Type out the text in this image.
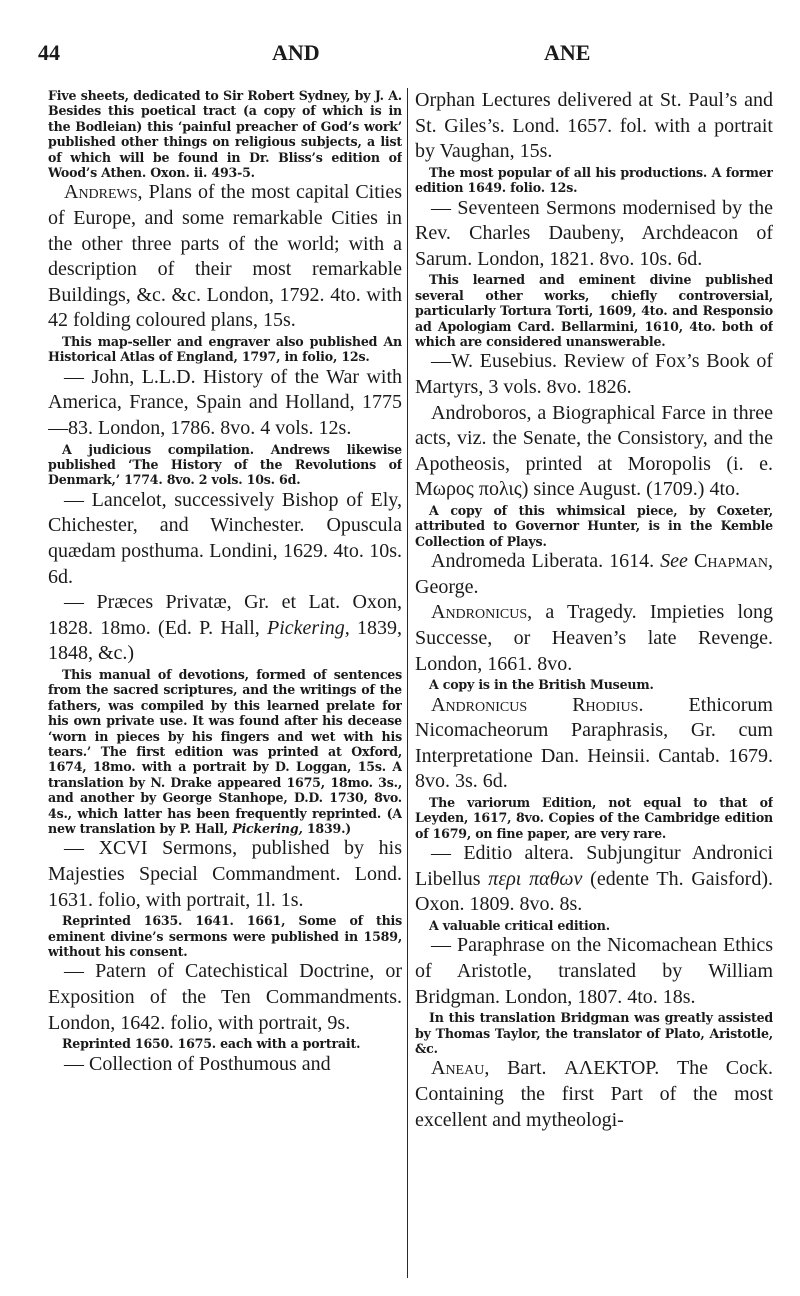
44	AND	ANE

Five sheets, dedicated to Sir Robert Sydney, by J. A. Besides this poetical tract (a copy of which is in the Bodleian) this ‘painful preacher of God’s work’ published other things on religious subjects, a list of which will be found in Dr. Bliss’s edition of Wood’s Athen. Oxon. ii. 493-5.

Andrews, Plans of the most capital Cities of Europe, and some remarkable Cities in the other three parts of the world; with a description of their most remarkable Buildings, &c. &c. London, 1792. 4to. with 42 folding coloured plans, 15s.

This map-seller and engraver also published An Historical Atlas of England, 1797, in folio, 12s.

— John, L.L.D. History of the War with America, France, Spain and Holland, 1775—83. London, 1786. 8vo. 4 vols. 12s.

A judicious compilation. Andrews likewise published ‘The History of the Revolutions of Denmark,’ 1774. 8vo. 2 vols. 10s. 6d.

— Lancelot, successively Bishop of Ely, Chichester, and Winchester. Opuscula quædam posthuma. Londini, 1629. 4to. 10s. 6d.

— Præces Privatæ, Gr. et Lat. Oxon, 1828. 18mo. (Ed. P. Hall, Pickering, 1839, 1848, &c.)

This manual of devotions, formed of sentences from the sacred scriptures, and the writings of the fathers, was compiled by this learned prelate for his own private use. It was found after his decease ‘worn in pieces by his fingers and wet with his tears.’ The first edition was printed at Oxford, 1674, 18mo. with a portrait by D. Loggan, 15s. A translation by N. Drake appeared 1675, 18mo. 3s., and another by George Stanhope, D.D. 1730, 8vo. 4s., which latter has been frequently reprinted. (A new translation by P. Hall, Pickering, 1839.)

— XCVI Sermons, published by his Majesties Special Commandment. Lond. 1631. folio, with portrait, 1l. 1s.

Reprinted 1635. 1641. 1661, Some of this eminent divine’s sermons were published in 1589, without his consent.

— Patern of Catechistical Doctrine, or Exposition of the Ten Commandments. London, 1642. folio, with portrait, 9s.

Reprinted 1650. 1675. each with a portrait.

— Collection of Posthumous and

Orphan Lectures delivered at St. Paul’s and St. Giles’s. Lond. 1657. fol. with a portrait by Vaughan, 15s.

The most popular of all his productions. A former edition 1649. folio. 12s.

— Seventeen Sermons modernised by the Rev. Charles Daubeny, Archdeacon of Sarum. London, 1821. 8vo. 10s. 6d.

This learned and eminent divine published several other works, chiefly controversial, particularly Tortura Torti, 1609, 4to. and Responsio ad Apologiam Card. Bellarmini, 1610, 4to. both of which are considered unanswerable.

—W. Eusebius. Review of Fox’s Book of Martyrs, 3 vols. 8vo. 1826.

Androboros, a Biographical Farce in three acts, viz. the Senate, the Consistory, and the Apotheosis, printed at Moropolis (i. e. Μωρος πολις) since August. (1709.) 4to.

A copy of this whimsical piece, by Coxeter, attributed to Governor Hunter, is in the Kemble Collection of Plays.

Andromeda Liberata. 1614. See Chapman, George.

Andronicus, a Tragedy. Impieties long Successe, or Heaven’s late Revenge. London, 1661. 8vo.

A copy is in the British Museum.

Andronicus Rhodius. Ethicorum Nicomacheorum Paraphrasis, Gr. cum Interpretatione Dan. Heinsii. Cantab. 1679. 8vo. 3s. 6d.

The variorum Edition, not equal to that of Leyden, 1617, 8vo. Copies of the Cambridge edition of 1679, on fine paper, are very rare.

— Editio altera. Subjungitur Andronici Libellus περι παθων (edente Th. Gaisford). Oxon. 1809. 8vo. 8s.

A valuable critical edition.

— Paraphrase on the Nicomachean Ethics of Aristotle, translated by William Bridgman. London, 1807. 4to. 18s.

In this translation Bridgman was greatly assisted by Thomas Taylor, the translator of Plato, Aristotle, &c.

Aneau, Bart. ΑΛΕΚΤΟΡ. The Cock. Containing the first Part of the most excellent and mytheologi-
